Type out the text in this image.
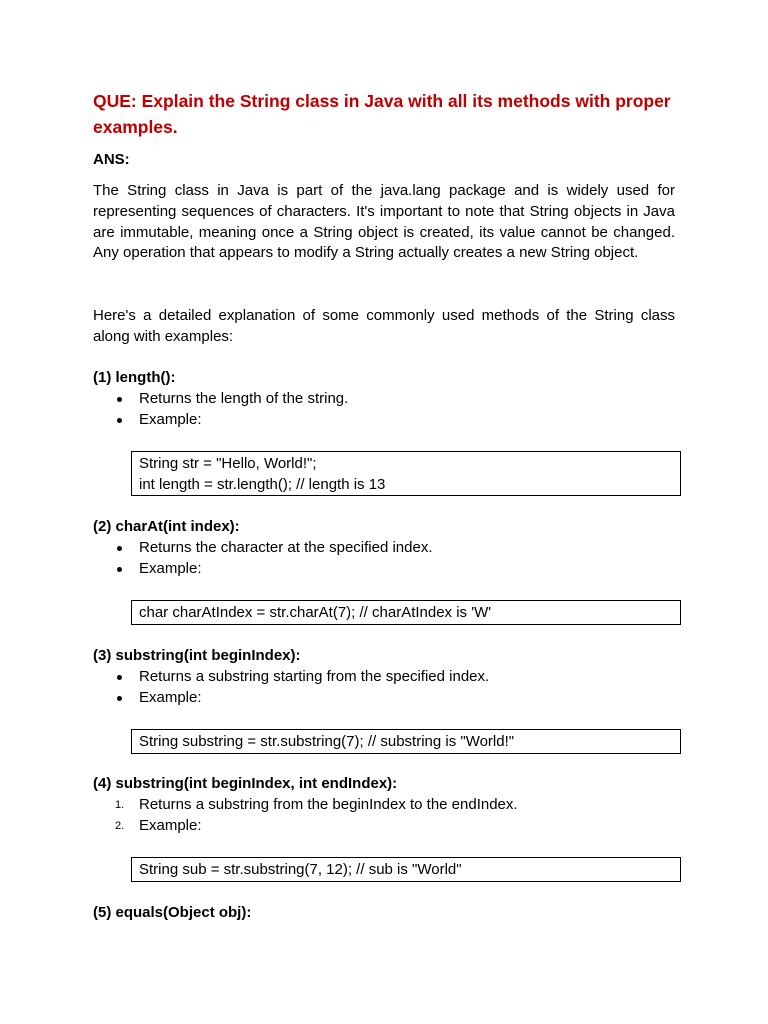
QUE: Explain the String class in Java with all its methods with proper examples.
ANS:
The String class in Java is part of the java.lang package and is widely used for representing sequences of characters. It's important to note that String objects in Java are immutable, meaning once a String object is created, its value cannot be changed. Any operation that appears to modify a String actually creates a new String object.
Here's a detailed explanation of some commonly used methods of the String class along with examples:

(1) length():

Returns the length of the string.
Example:
String str = "Hello, World!";
int length = str.length(); // length is 13

(2) charAt(int index):

Returns the character at the specified index.
Example:
char charAtIndex = str.charAt(7); // charAtIndex is 'W'

(3) substring(int beginIndex):

Returns a substring starting from the specified index.
Example:
String substring = str.substring(7); // substring is "World!"

(4) substring(int beginIndex, int endIndex):

1. Returns a substring from the beginIndex to the endIndex.
2. Example:
String sub = str.substring(7, 12); // sub is "World"

(5) equals(Object obj):
